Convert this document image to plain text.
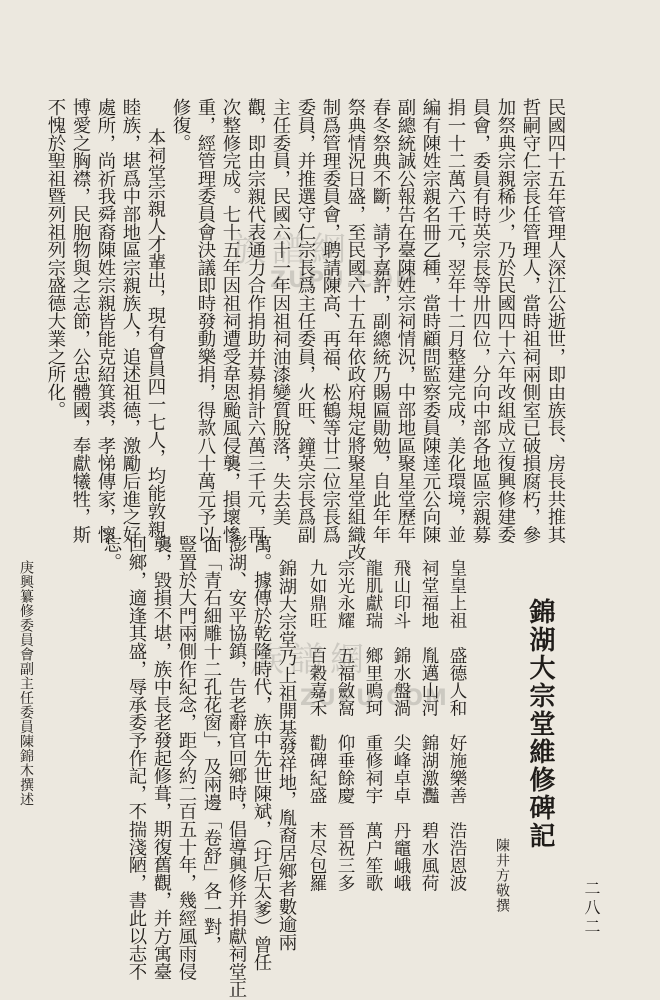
二八二
錦湖大宗堂維修碑記
陳井方敬撰
皇皇上祖　盛德人和　好施樂善　浩浩恩波
祠堂福地　胤邁山河　錦湖激灩　碧水風荷
飛山印斗　錦水盤渦　尖峰卓卓　丹竈峨峨
龍肌獻瑞　鄉里鳴珂　重修祠宇　萬户笙歌
宗光永耀　五福斂窩　仰垂餘慶　晉祝三多
九如鼎旺　百穀嘉禾　勸碑紀盛　末尽包羅
錦湖大宗堂乃上祖開基發祥地，胤裔居鄉者數逾兩
萬。據傳於乾隆時代，族中先世陳斌，（圩后太爹）曾任
澎湖、安平協鎮，告老辭官回鄉時，倡導興修并捐獻祠堂正
面「青石細雕十二孔花窗」，及兩邊「卷舒」各一對，
豎置於大門兩側作紀念，距今約二百五十年，幾經風雨侵
襲，毀損不堪，族中長老發起修葺，期復舊觀，并方寓臺
回鄉，適逢其盛，辱承委予作記，不揣淺陋，書此以志不
忘。
民國四十五年管理人深江公逝世，即由族長、房長共推其
哲嗣守仁宗長任管理人，當時祖祠兩側室已破損腐朽，參
加祭典宗親稀少，乃於民國四十六年改組成立復興修建委
員會，委員有時英宗長等卅四位，分向中部各地區宗親募
捐一十二萬六千元，翌年十二月整建完成，美化環境，並
編有陳姓宗親名冊乙種，當時顧問監察委員陳達元公向陳
副總統誠公報告在臺陳姓宗祠情況，中部地區聚星堂歷年
春冬祭典不斷，請予嘉許，副總統乃賜匾勛勉，自此年年
祭典情況日盛，至民國六十五年依政府規定將聚星堂組織改
制爲管理委員會，聘請陳高、再福、松鶴等廿二位宗長爲
委員，并推選守仁宗長爲主任委員，火旺、鐘英宗長爲副
主任委員，民國六十一年因祖祠油漆變質脫落，失去美
觀，即由宗親代表通力合作捐助并募捐計六萬三千元，再
次整修完成。七十五年因祖祠遭受韋恩颱風侵襲，損壞慘
重，經管理委員會決議即時發動樂捐，得款八十萬元予以
修復。
本祠堂宗親人才輩出，現有會員四一七人，均能敦親
睦族，堪爲中部地區宗親族人，追述祖德，激勵后進之好
處所，尚祈我舜裔陳姓宗親皆能克紹箕裘，孝悌傳家，懷
博愛之胸襟，民胞物與之志節，公忠體國，奉獻犧牲，斯
不愧於聖祖暨列祖列宗盛德大業之所化。
庚興纂修委員會副主任委員陳錦木撰述
族譜網
ZUPU.COM
族譜網
ZUPU.COM
